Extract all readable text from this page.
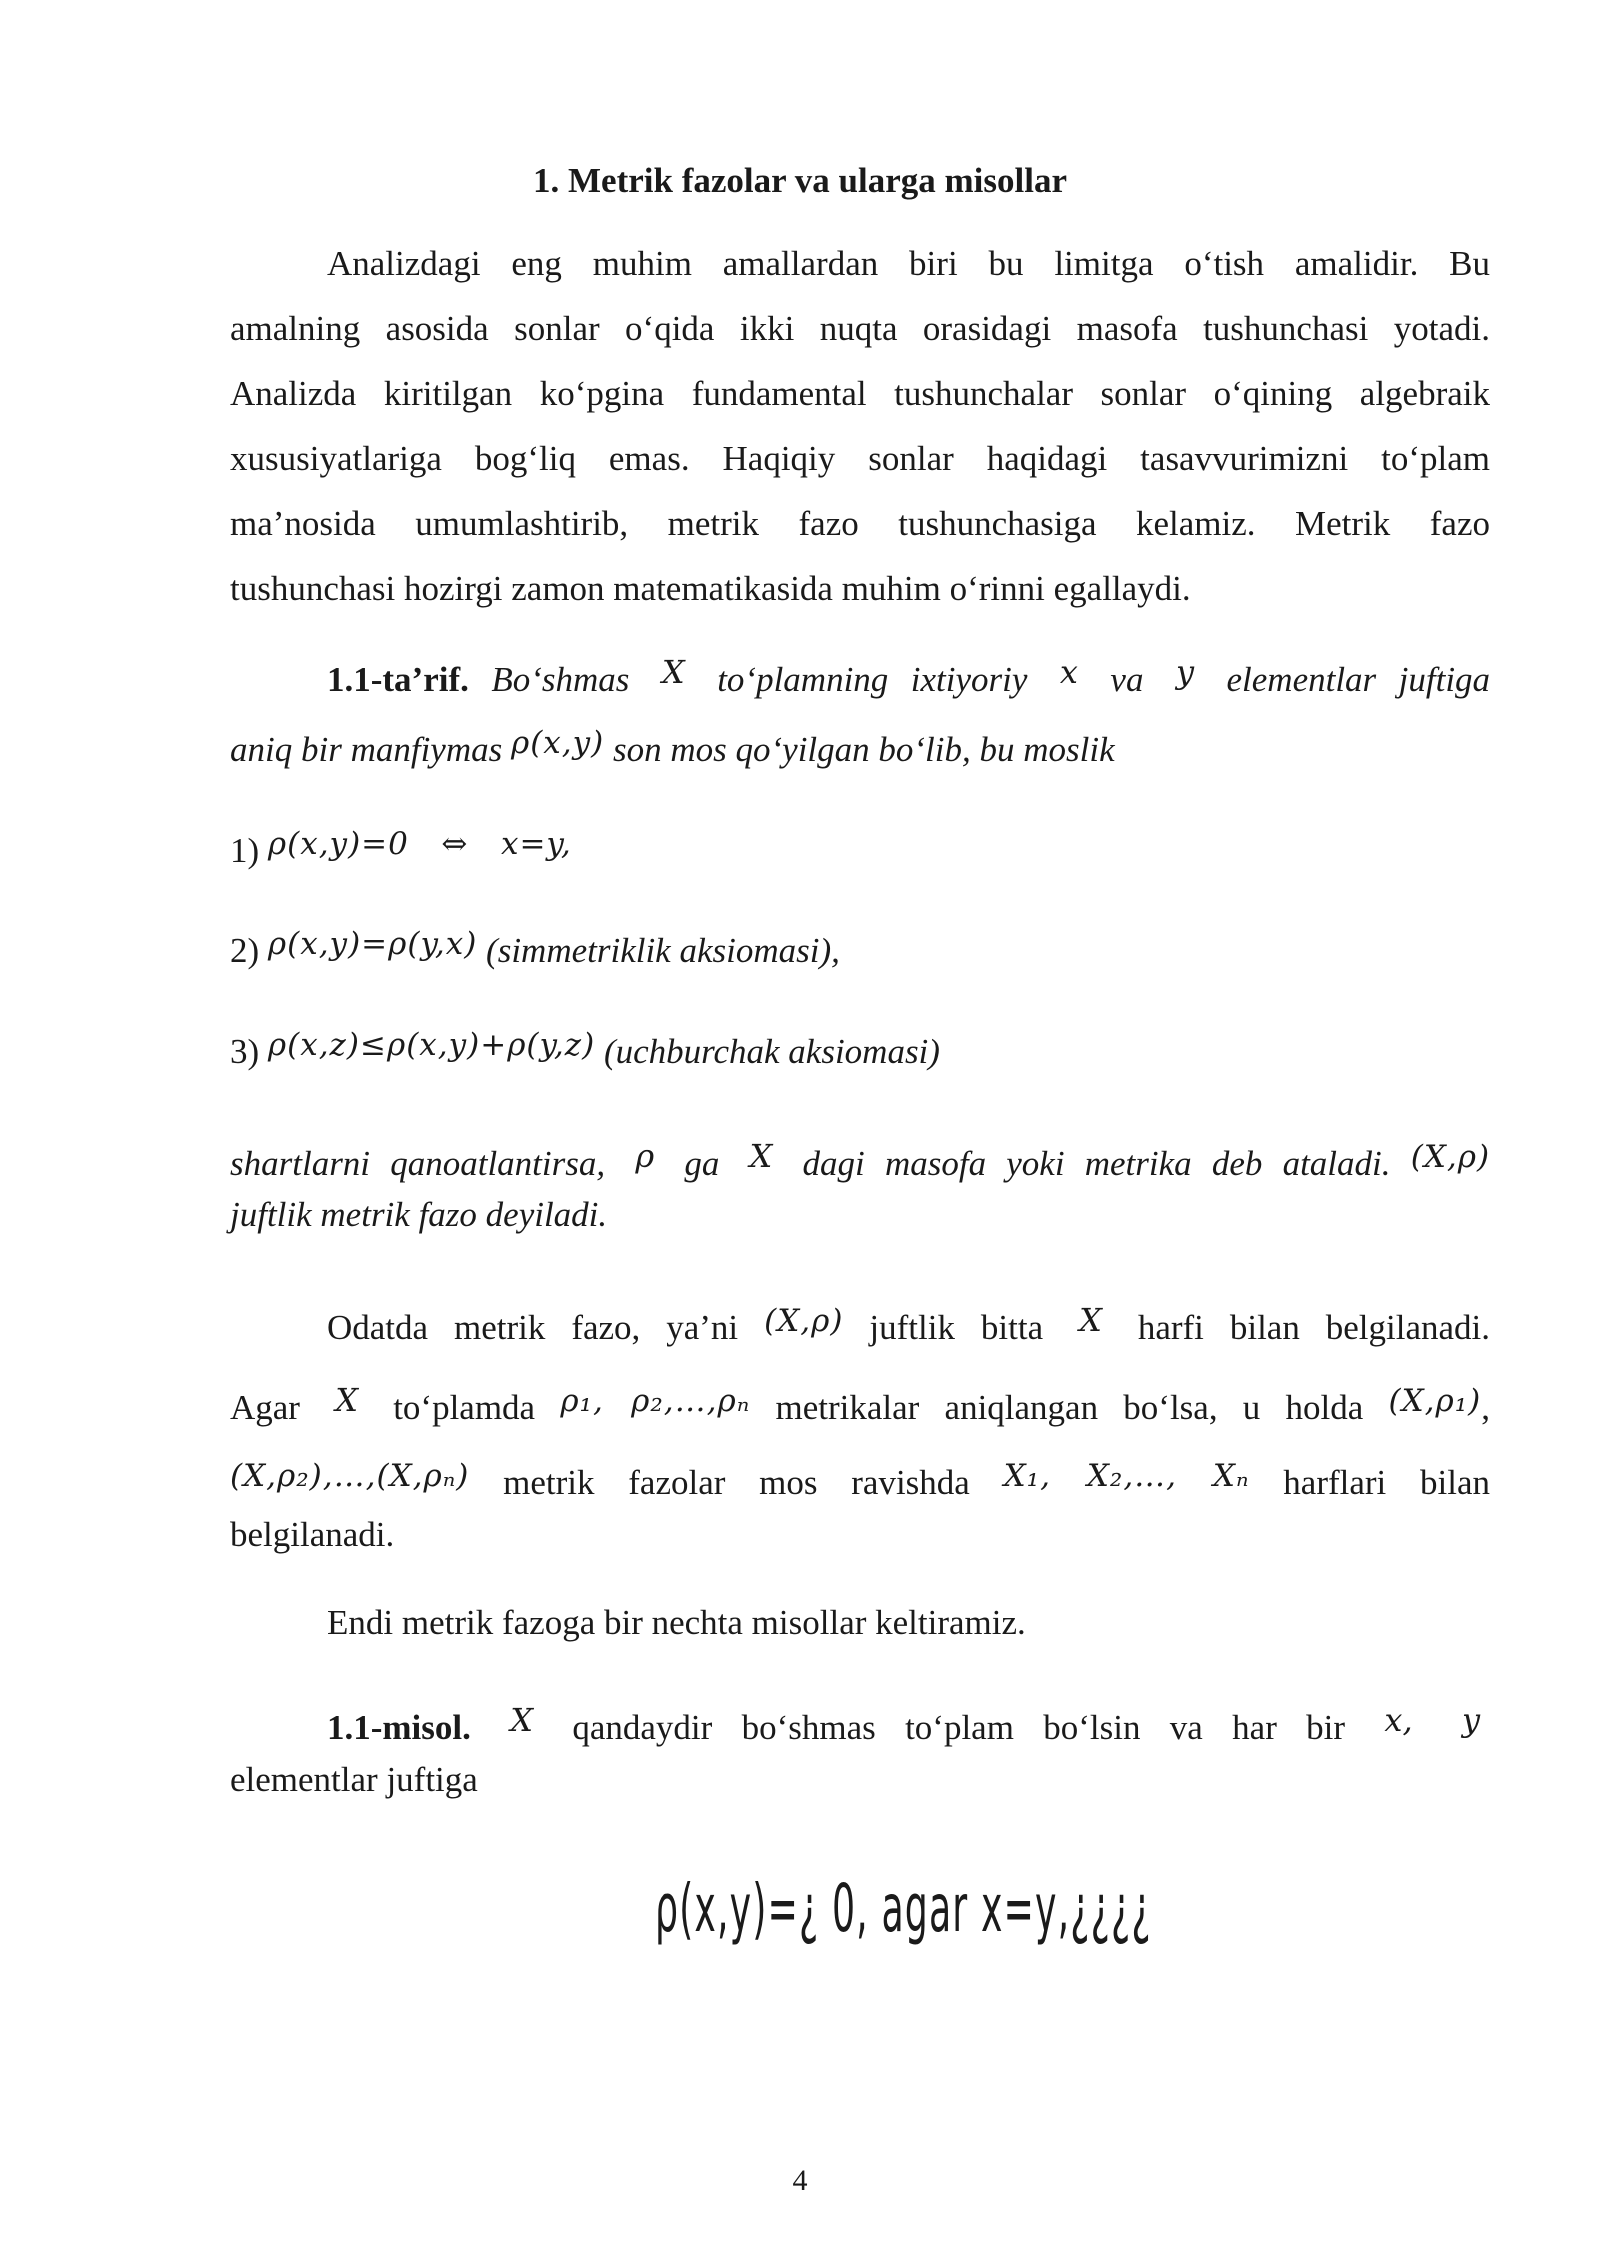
1. Metrik fazolar va ularga misollar
Analizdagi eng muhim amallardan biri bu limitga o‘tish amalidir. Bu
amalning asosida sonlar o‘qida ikki nuqta orasidagi masofa tushunchasi yotadi.
Analizda kiritilgan ko‘pgina fundamental tushunchalar sonlar o‘qining algebraik
xususiyatlariga bog‘liq emas. Haqiqiy sonlar haqidagi tasavvurimizni to‘plam
ma’nosida umumlashtirib, metrik fazo tushunchasiga kelamiz. Metrik fazo
tushunchasi hozirgi zamon matematikasida muhim o‘rinni egallaydi.
1.1-ta’rif. Bo‘shmas X to‘plamning ixtiyoriy x va y elementlar juftiga
aniq bir manfiymas ρ(x,y) son mos qo‘yilgan bo‘lib, bu moslik
1) ρ(x,y)=0   ⇔   x=y,
2) ρ(x,y)=ρ(y,x) (simmetriklik aksiomasi),
3) ρ(x,z)≤ρ(x,y)+ρ(y,z) (uchburchak aksiomasi)
shartlarni qanoatlantirsa, ρ ga X dagi masofa yoki metrika deb ataladi. (X,ρ)
juftlik metrik fazo deyiladi.
Odatda metrik fazo, ya’ni (X,ρ) juftlik bitta X harfi bilan belgilanadi.
Agar X to‘plamda ρ₁, ρ₂,…,ρₙ metrikalar aniqlangan bo‘lsa, u holda (X,ρ₁),
(X,ρ₂),…,(X,ρₙ) metrik fazolar mos ravishda X₁, X₂,…, Xₙ harflari bilan
belgilanadi.
Endi metrik fazoga bir nechta misollar keltiramiz.
1.1-misol. X qandaydir bo‘shmas to‘plam bo‘lsin va har bir x, y
elementlar juftiga
ρ(x,y)=¿ 0, agar x=y,¿¿¿¿
4
